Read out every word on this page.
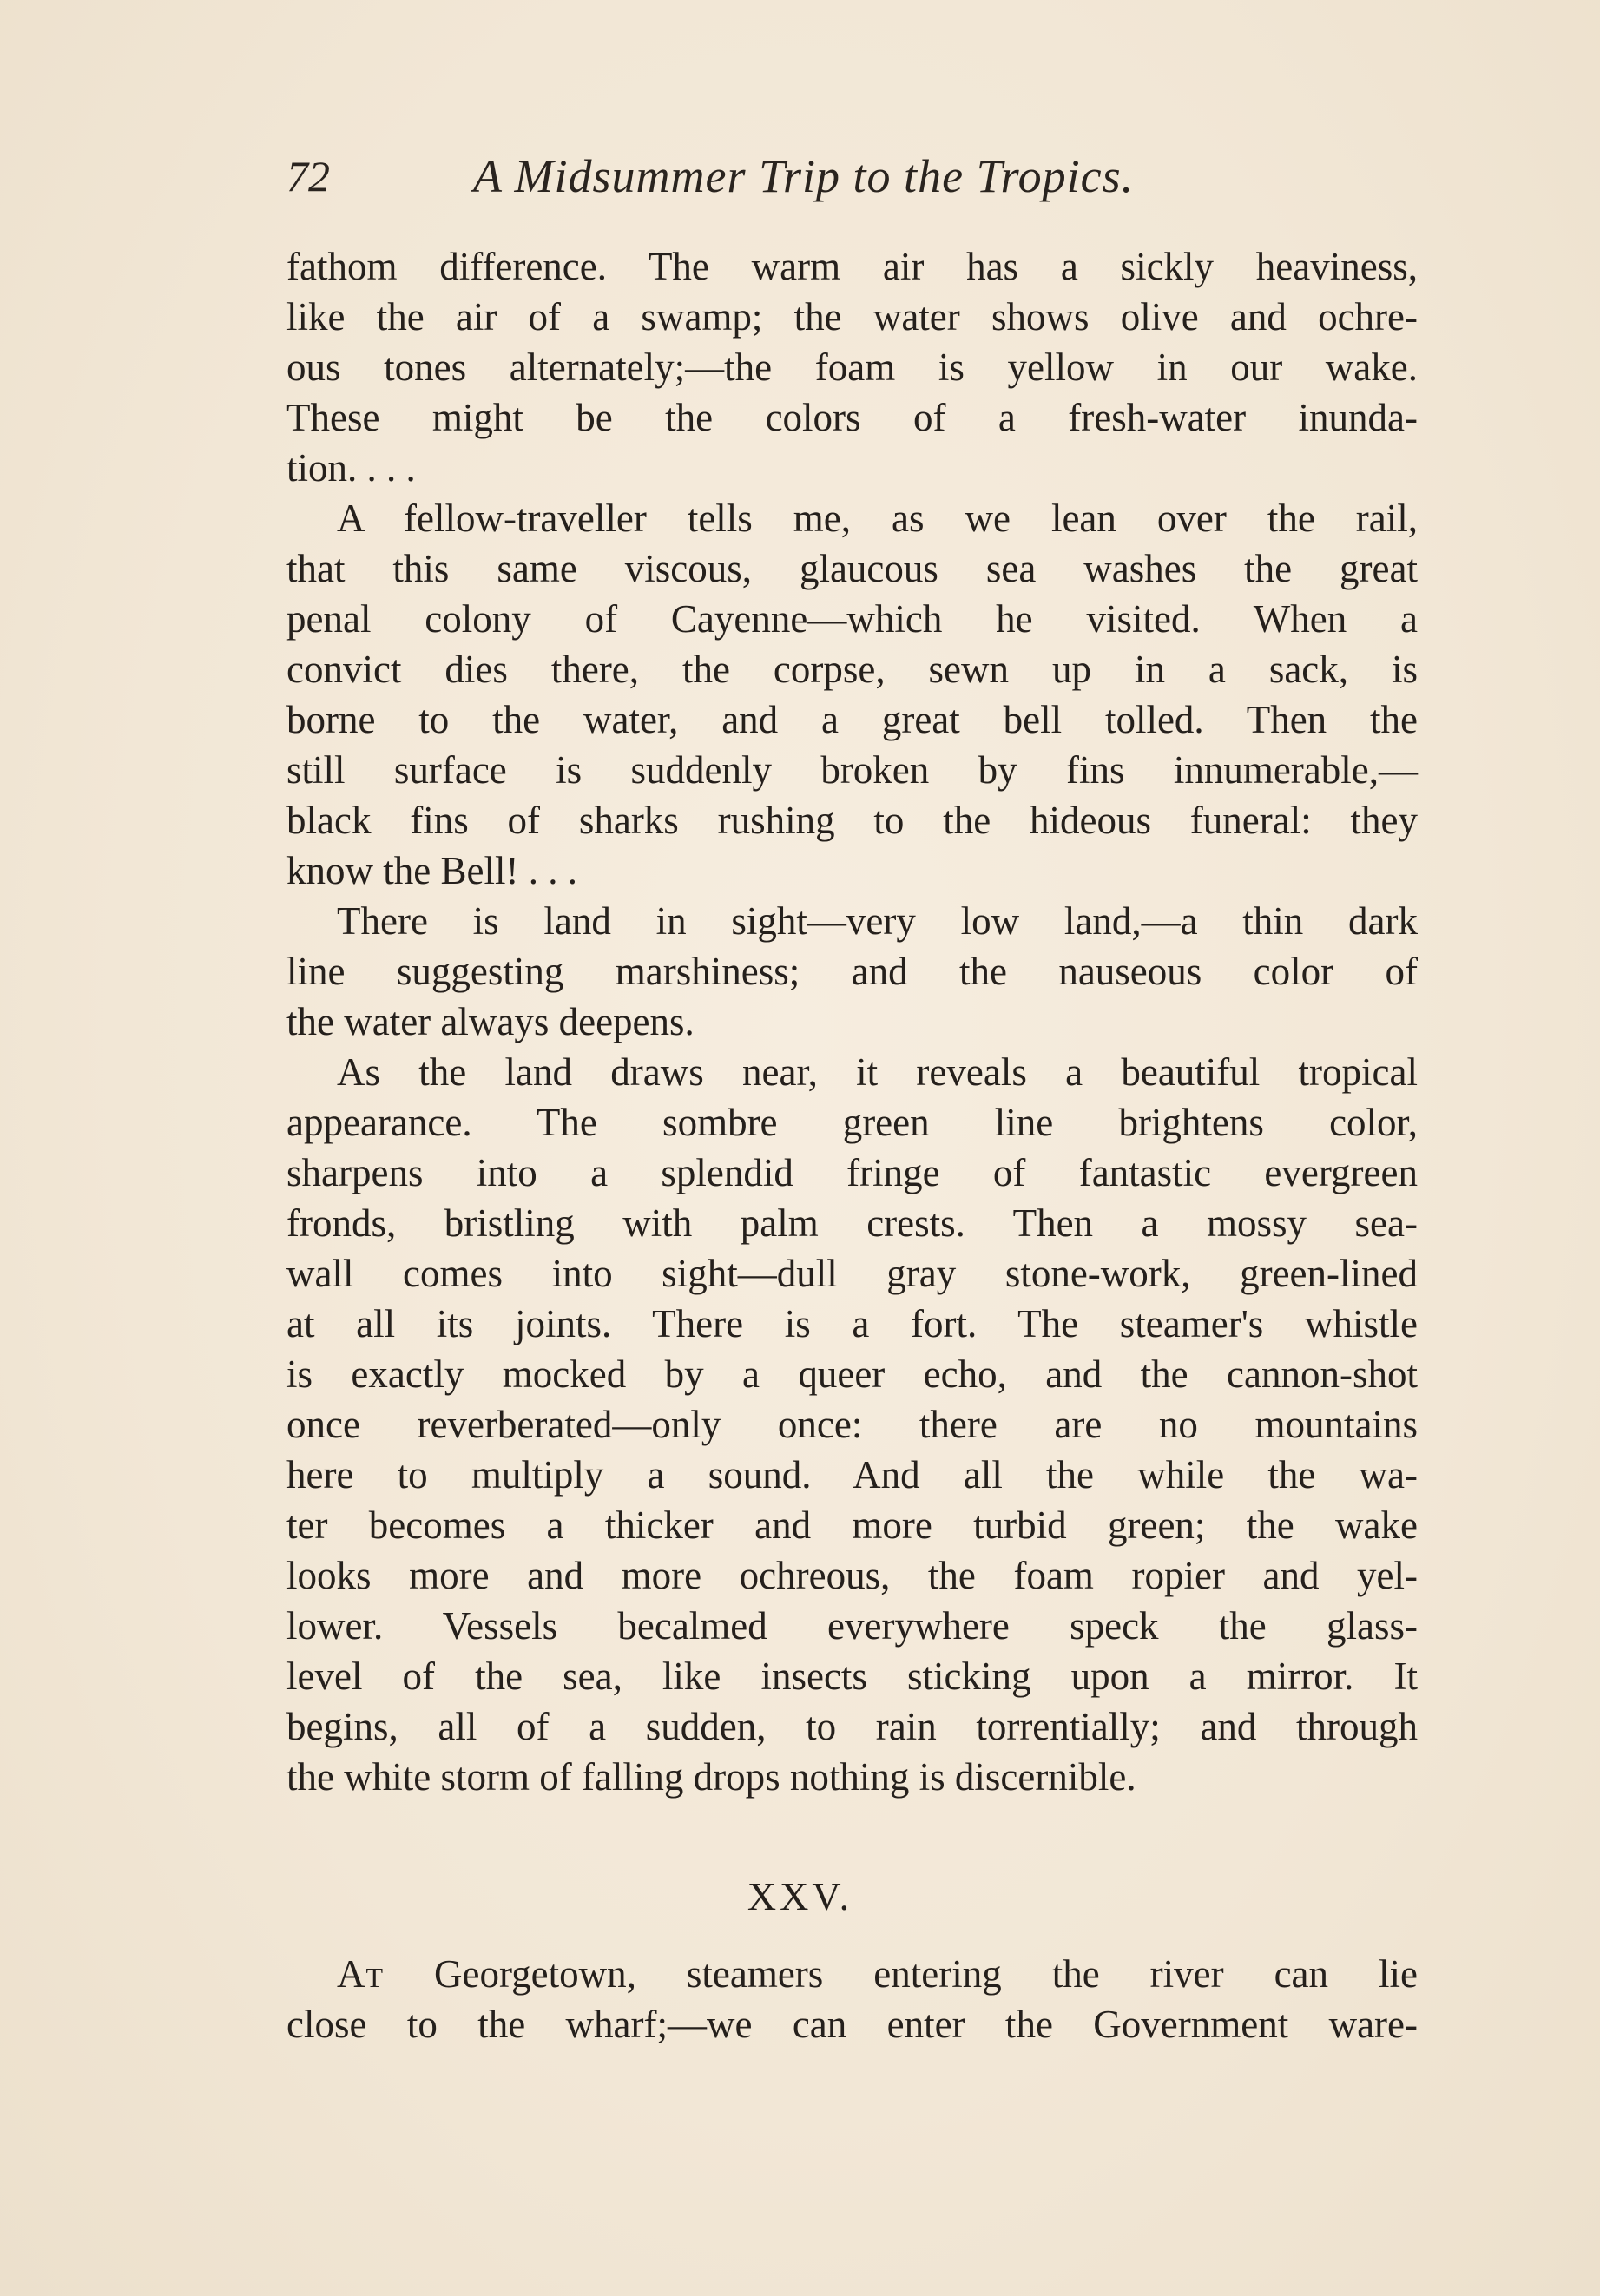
72	A Midsummer Trip to the Tropics.
fathom difference. The warm air has a sickly heaviness,
like the air of a swamp; the water shows olive and ochre-
ous tones alternately;—the foam is yellow in our wake.
These might be the colors of a fresh-water inunda-
tion. . . .
A fellow-traveller tells me, as we lean over the rail,
that this same viscous, glaucous sea washes the great
penal colony of Cayenne—which he visited. When a
convict dies there, the corpse, sewn up in a sack, is
borne to the water, and a great bell tolled. Then the
still surface is suddenly broken by fins innumerable,—
black fins of sharks rushing to the hideous funeral: they
know the Bell! . . .
There is land in sight—very low land,—a thin dark
line suggesting marshiness; and the nauseous color of
the water always deepens.
As the land draws near, it reveals a beautiful tropical
appearance. The sombre green line brightens color,
sharpens into a splendid fringe of fantastic evergreen
fronds, bristling with palm crests. Then a mossy sea-
wall comes into sight—dull gray stone-work, green-lined
at all its joints. There is a fort. The steamer's whistle
is exactly mocked by a queer echo, and the cannon-shot
once reverberated—only once: there are no mountains
here to multiply a sound. And all the while the wa-
ter becomes a thicker and more turbid green; the wake
looks more and more ochreous, the foam ropier and yel-
lower. Vessels becalmed everywhere speck the glass-
level of the sea, like insects sticking upon a mirror. It
begins, all of a sudden, to rain torrentially; and through
the white storm of falling drops nothing is discernible.
XXV.
At Georgetown, steamers entering the river can lie
close to the wharf;—we can enter the Government ware-
